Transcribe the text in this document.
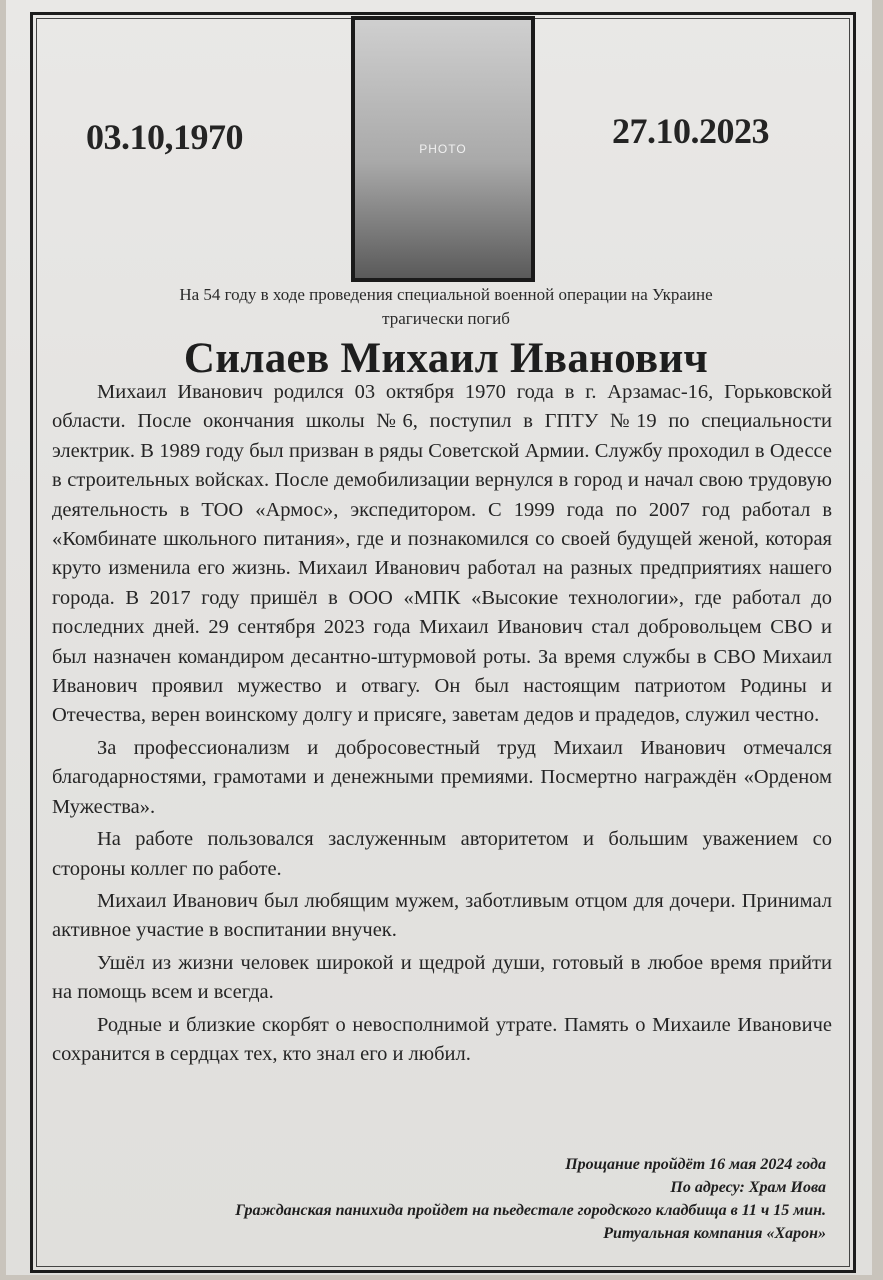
03.10,1970	PHOTO	27.10.2023
На 54 году в ходе проведения специальной военной операции на Украине
трагически погиб
Силаев Михаил Иванович

Михаил Иванович родился 03 октября 1970 года в г. Арзамас-16, Горьковской области. После окончания школы №6, поступил в ГПТУ №19 по специальности электрик. В 1989 году был призван в ряды Советской Армии. Службу проходил в Одессе в строительных войсках. После демобилизации вернулся в город и начал свою трудовую деятельность в ТОО «Армос», экспедитором. С 1999 года по 2007 год работал в «Комбинате школьного питания», где и познакомился со своей будущей женой, которая круто изменила его жизнь. Михаил Иванович работал на разных предприятиях нашего города. В 2017 году пришёл в ООО «МПК «Высокие технологии», где работал до последних дней. 29 сентября 2023 года Михаил Иванович стал добровольцем СВО и был назначен командиром десантно-штурмовой роты. За время службы в СВО Михаил Иванович проявил мужество и отвагу. Он был настоящим патриотом Родины и Отечества, верен воинскому долгу и присяге, заветам дедов и прадедов, служил честно.

За профессионализм и добросовестный труд Михаил Иванович отмечался благодарностями, грамотами и денежными премиями. Посмертно награждён «Орденом Мужества».

На работе пользовался заслуженным авторитетом и большим уважением со стороны коллег по работе.

Михаил Иванович был любящим мужем, заботливым отцом для дочери. Принимал активное участие в воспитании внучек.

Ушёл из жизни человек широкой и щедрой души, готовый в любое время прийти на помощь всем и всегда.

Родные и близкие скорбят о невосполнимой утрате. Память о Михаиле Ивановиче сохранится в сердцах тех, кто знал его и любил.

Прощание пройдёт 16 мая 2024 года
По адресу: Храм Иова
Гражданская панихида пройдет на пьедестале городского кладбища в 11 ч 15 мин.
Ритуальная компания «Харон»
